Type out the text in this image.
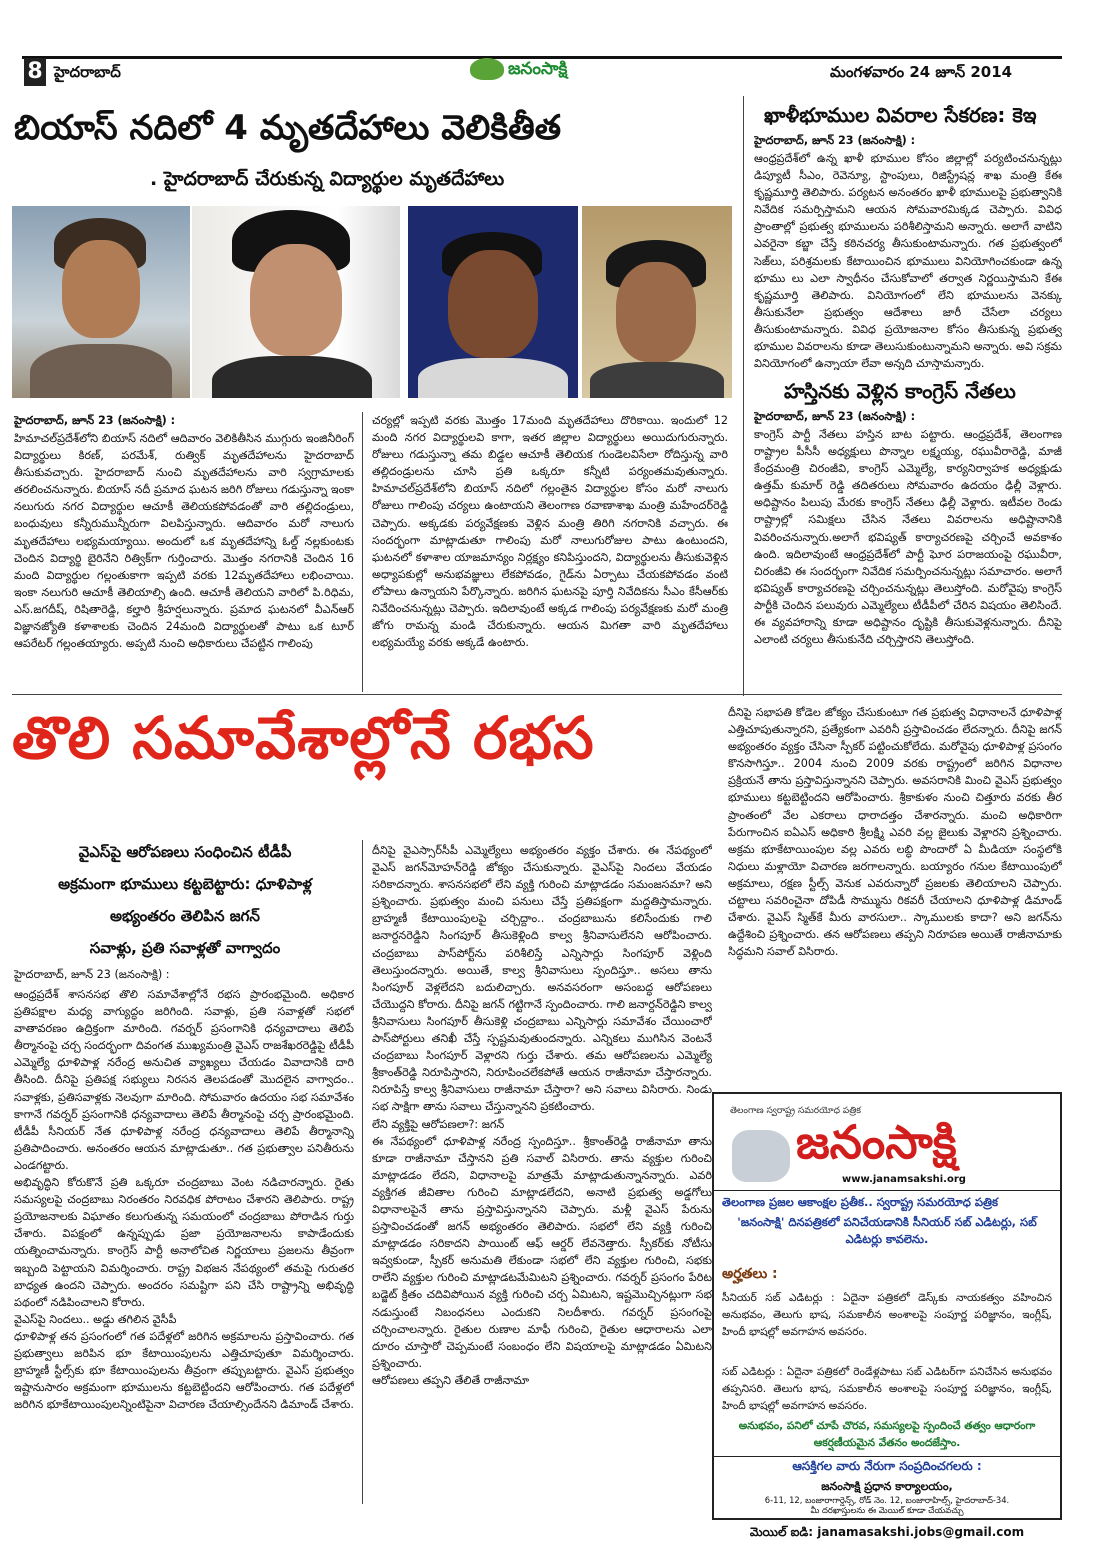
8 హైదరాబాద్	జనంసాక్షి	మంగళవారం 24 జూన్ 2014
బియాస్ నదిలో 4 మృతదేహాలు వెలికితీత
. హైదరాబాద్ చేరుకున్న విద్యార్థుల మృతదేహాలు
హైదరాబాద్, జూన్ 23 (జనంసాక్షి) :
హిమాచల్‌ప్రదేశ్‌లోని బియాస్ నదిలో ఆదివారం వెలికితీసిన ముగ్గురు ఇంజినీరింగ్ విద్యార్థులు కిరణ్, పరమేశ్, రుత్విక్ మృతదేహాలను హైదరాబాద్ తీసుకువచ్చారు. హైదరాబాద్ నుంచి మృతదేహాలను వారి స్వగ్రామాలకు తరలించనున్నారు. బియాస్ నదీ ప్రమాద ఘటన జరిగి రోజులు గడుస్తున్నా ఇంకా నలుగురు నగర విద్యార్థుల ఆచూకీ తెలియకపోవడంతో వారి తల్లిదండ్రులు, బంధువులు కన్నీరుమున్నీరుగా విలపిస్తున్నారు. ఆదివారం మరో నాలుగు మృతదేహాలు లభ్యమయ్యాయి. అందులో ఒక మృతదేహాన్ని ఓల్డ్ నల్లకుంటకు చెందిన విద్యార్థి బైరినేని రిత్విక్‌గా గుర్తించారు. మొత్తం నగరానికి చెందిన 16 మంది విద్యార్థుల గల్లంతుకాగా ఇప్పటి వరకు 12మృతదేహాలు లభించాయి. ఇంకా నలుగురి ఆచూకీ తెలియాల్సి ఉంది. ఆచూకీ తెలియని వారిలో పి.రిధిమ, ఎస్.జగదీష్, రిషితారెడ్డి, కల్హారి శ్రీహర్షలున్నారు. ప్రమాద ఘటనలో వీఎన్ఆర్ విజ్ఞానజ్యోతి కళాశాలకు చెందిన 24మంది విద్యార్థులతో పాటు ఒక టూర్ ఆపరేటర్ గల్లంతయ్యారు. అప్పటి నుంచి అధికారులు చేపట్టిన గాలింపు
చర్యల్లో ఇప్పటి వరకు మొత్తం 17మంది మృతదేహాలు దొరికాయి. ఇందులో 12 మంది నగర విద్యార్థులవి కాగా, ఇతర జిల్లాల విద్యార్థులు అయిదుగురున్నారు. రోజులు గడుస్తున్నా తమ బిడ్డల ఆచూకీ తెలియక గుండెలవిసేలా రోదిస్తున్న వారి తల్లిదండ్రులను చూసి ప్రతి ఒక్కరూ కన్నీటి పర్యంతమవుతున్నారు. హిమాచల్‌ప్రదేశ్‌లోని బియాస్ నదిలో గల్లంతైన విద్యార్థుల కోసం మరో నాలుగు రోజులు గాలింపు చర్యలు ఉంటాయని తెలంగాణ రవాణాశాఖ మంత్రి మహేందర్‌రెడ్డి చెప్పారు. అక్కడకు పర్యవేక్షణకు వెళ్లిన మంత్రి తిరిగి నగరానికి వచ్చారు. ఈ సందర్భంగా మాట్లాడుతూ గాలింపు మరో నాలుగురోజుల పాటు ఉంటుందని, ఘటనలో కళాశాల యాజమాన్యం నిర్లక్ష్యం కనిపిస్తుందని, విద్యార్థులను తీసుకువెళ్లిన అధ్యాపకుల్లో అనుభవజ్ఞులు లేకపోవడం, గైడ్‌ను ఏర్పాటు చేయకపోవడం వంటి లోపాలు ఉన్నాయని పేర్కొన్నారు. జరిగిన ఘటనపై పూర్తి నివేదికను సీఎం కేసీఆర్‌కు నివేదించనున్నట్లు చెప్పారు. ఇదిలావుంటే అక్కడ గాలింపు పర్యవేక్షణకు మరో మంత్రి జోగు రామన్న మండి చేరుకున్నారు. ఆయన మిగతా వారి మృతదేహాలు లభ్యమయ్యే వరకు అక్కడే ఉంటారు.
ఖాళీభూముల వివరాల సేకరణ: కెఇ
హైదరాబాద్, జూన్ 23 (జనంసాక్షి) :
ఆంధ్రప్రదేశ్‌లో ఉన్న ఖాళీ భూముల కోసం జిల్లాల్లో పర్యటించనున్నట్లు డిప్యూటీ సీఎం, రెవెన్యూ, స్టాంపులు, రిజిస్ట్రేషన్ల శాఖ మంత్రి కేఈ కృష్ణమూర్తి తెలిపారు. పర్యటన అనంతరం ఖాళీ భూములపై ప్రభుత్వానికి నివేదిక సమర్పిస్తామని ఆయన సోమవారమిక్కడ చెప్పారు. వివిధ ప్రాంతాల్లో ప్రభుత్వ భూములను పరిశీలిస్తామని అన్నారు. అలాగే వాటిని ఎవరైనా కబ్జా చేస్తే కఠినచర్య తీసుకుంటామన్నారు. గత ప్రభుత్వంలో సెజ్‌లు, పరిశ్రమలకు కేటాయించిన భూములు వినియోగించకుండా ఉన్న భూము లు ఎలా స్వాధీనం చేసుకోవాలో తర్వాత నిర్ణయిస్తామని కేఈ కృష్ణమూర్తి తెలిపారు. వినియోగంలో లేని భూములను వెనక్కు తీసుకునేలా ప్రభుత్వం ఆదేశాలు జారీ చేసేలా చర్యలు తీసుకుంటామన్నారు. వివిధ ప్రయోజనాల కోసం తీసుకున్న ప్రభుత్వ భూముల వివరాలను కూడా తెలుసుకుంటున్నామని అన్నారు. అవి సక్రమ వినియోగంలో ఉన్నాయా లేవా అన్నది చూస్తామన్నారు.
హస్తినకు వెళ్లిన కాంగ్రెస్ నేతలు
హైదరాబాద్, జూన్ 23 (జనంసాక్షి) :
కాంగ్రెస్ పార్టీ నేతలు హస్తిన బాట పట్టారు. ఆంధ్రప్రదేశ్, తెలంగాణ రాష్ట్రాల పీసీసీ అధ్యక్షులు పొన్నాల లక్ష్మయ్య, రఘువీరారెడ్డి, మాజీ కేంద్రమంత్రి చిరంజీవి, కాంగ్రెస్ ఎమ్మెల్యే, కార్యనిర్వాహక అధ్యక్షుడు ఉత్తమ్ కుమార్ రెడ్డి తదితరులు సోమవారం ఉదయం ఢిల్లీ వెళ్లారు. అధిష్టానం పిలుపు మేరకు కాంగ్రెస్ నేతలు ఢిల్లీ వెళ్లారు. ఇటీవల రెండు రాష్ట్రాల్లో సమిక్షలు చేసిన నేతలు వివరాలను అధిష్టానానికి వివరించనున్నారు.అలాగే భవిష్యత్ కార్యాచరణపై చర్చించే అవకాశం ఉంది. ఇదిలావుంటే ఆంధ్రప్రదేశ్‌లో పార్టీ ఘోర పరాజయంపై రఘువీరా, చిరంజీవి ఈ సందర్భంగా నివేదిక సమర్పించనున్నట్లు సమాచారం. అలాగే భవిష్యత్ కార్యాచరణపై చర్చించనున్నట్లు తెలుస్తోంది. మరోవైపు కాంగ్రెస్ పార్టీకి చెందిన పలువురు ఎమ్మెల్యేలు టీడీపీలో చేరిన విషయం తెలిసిందే. ఈ వ్యవహారాన్ని కూడా అధిష్టానం దృష్టికి తీసుకువెళ్లనున్నారు. దీనిపై ఎలాంటి చర్యలు తీసుకునేది చర్చిస్తారని తెలుస్తోంది.
తొలి సమావేశాల్లోనే రభస
వైఎస్‌పై ఆరోపణలు సంధించిన టీడీపీ
అక్రమంగా భూములు కట్టబెట్టారు: ధూళిపాళ్ల
అభ్యంతరం తెలిపిన జగన్
సవాళ్లు, ప్రతి సవాళ్లతో వాగ్వాదం
హైదరాబాద్, జూన్ 23 (జనంసాక్షి) :
ఆంధ్రప్రదేశ్ శాసనసభ తొలి సమావేశాల్లోనే రభస ప్రారంభమైంది. అధికార ప్రతిపక్షాల మధ్య వాగ్యుద్ధం జరిగింది. సవాళ్లు, ప్రతి సవాళ్లతో సభలో వాతావరణం ఉద్రిక్తంగా మారింది. గవర్నర్ ప్రసంగానికి ధన్యవాదాలు తెలిపే తీర్మానంపై చర్చ సందర్భంగా దివంగత ముఖ్యమంత్రి వైఎస్ రాజశేఖరరెడ్డిపై టీడీపీ ఎమ్మెల్యే ధూళిపాళ్ల నరేంద్ర అనుచిత వ్యాఖ్యలు చేయడం వివాదానికి దారి తీసింది. దీనిపై ప్రతిపక్ష సభ్యులు నిరసన తెలపడంతో మొదలైన వాగ్వాదం.. సవాళ్లకు, ప్రతిసవాళ్లకు నెలవుగా మారింది. సోమవారం ఉదయం సభ సమావేశం కాగానే గవర్నర్ ప్రసంగానికి ధన్యవాదాలు తెలిపే తీర్మానంపై చర్చ ప్రారంభమైంది. టీడీపీ సీనియర్ నేత ధూళిపాళ్ల నరేంద్ర ధన్యవాదాలు తెలిపే తీర్మానాన్ని ప్రతిపాదించారు. అనంతరం ఆయన మాట్లాడుతూ.. గత ప్రభుత్వాల పనితీరును ఎండగట్టారు.
అభివృద్ధిని కోరుకొనే ప్రతి ఒక్కరూ చంద్రబాబు వెంట నడిచారన్నారు. రైతు సమస్యలపై చంద్రబాబు నిరంతరం నిరవధిక పోరాటం చేశారని తెలిపారు. రాష్ట్ర ప్రయోజనాలకు విఘాతం కలుగుతున్న సమయంలో చంద్రబాబు పోరాడిన గుర్తు చేశారు. విపక్షంలో ఉన్నప్పుడు ప్రజా ప్రయోజనాలను కాపాడేందుకు యత్నించామన్నారు. కాంగ్రెస్ పార్టీ అనాలోచిత నిర్ణయాలు ప్రజలను తీవ్రంగా ఇబ్బంది పెట్టాయని విమర్శించారు. రాష్ట్ర విభజన నేపథ్యంలో తమపై గురుతర బాధ్యత ఉందని చెప్పారు. అందరం సమష్టిగా పని చేసి రాష్ట్రాన్ని అభివృద్ధి పథంలో నడిపించాలని కోరారు.
వైఎస్‌పై నిందలు.. అడ్డు తగిలిన వైసీపీ
ధూళిపాళ్ల తన ప్రసంగంలో గత పదేళ్లలో జరిగిన అక్రమాలను ప్రస్తావించారు. గత ప్రభుత్వాలు జరిపిన భూ కేటాయింపులను ఎత్తిచూపుతూ విమర్శించారు. బ్రాహ్మణీ స్టీల్స్‌కు భూ కేటాయింపులను తీవ్రంగా తప్పుబట్టారు. వైఎస్ ప్రభుత్వం ఇష్టానుసారం అక్రమంగా భూములను కట్టబెట్టిందని ఆరోపించారు. గత పదేళ్లలో జరిగిన భూకేటాయింపులన్నింటిపైనా విచారణ చేయాల్సిందేనని డిమాండ్ చేశారు.
దీనిపై వైఎస్సార్‌సీపీ ఎమ్మెల్యేలు అభ్యంతరం వ్యక్తం చేశారు. ఈ నేపథ్యంలో వైఎస్ జగన్‌మోహన్‌రెడ్డి జోక్యం చేసుకున్నారు. వైఎస్‌పై నిందలు వేయడం సరికాదన్నారు. శాసనసభలో లేని వ్యక్తి గురించి మాట్లాడడం సమంజసమా? అని ప్రశ్నించారు. ప్రభుత్వం మంచి పనులు చేస్తే ప్రతిపక్షంగా మద్దతిస్తామన్నారు. బ్రాహ్మణీ కేటాయింపులపై చర్చిద్దాం.. చంద్రబాబును కలిసేందుకు గాలి జనార్దనరెడ్డిని సింగపూర్ తీసుకెళ్లింది కాల్వ శ్రీనివాసులేనని ఆరోపించారు. చంద్రబాబు పాస్‌పోర్ట్‌ను పరిశీలిస్తే ఎన్నిసార్లు సింగపూర్ వెళ్లింది తెలుస్తుందన్నారు. అయితే, కాల్వ శ్రీనివాసులు స్పందిస్తూ.. అసలు తాను సింగపూర్ వెళ్లలేదని బదులిచ్చారు. అనవసరంగా అసంబద్ధ ఆరోపణలు చేయొద్దని కోరారు. దీనిపై జగన్ గట్టిగానే స్పందించారు. గాలి జనార్దన్‌రెడ్డిని కాల్వ శ్రీనివాసులు సింగపూర్ తీసుకెళ్లి చంద్రబాబు ఎన్నిసార్లు సమావేశం చేయించారో పాస్‌పోర్టులు తనిఖీ చేస్తే స్పష్టమవుతుందన్నారు. ఎన్నికలు ముగిసిన వెంటనే చంద్రబాబు సింగపూర్ వెళ్లారని గుర్తు చేశారు. తమ ఆరోపణలను ఎమ్మెల్యే శ్రీకాంత్‌రెడ్డి నిరూపిస్తారని, నిరూపించలేకపోతే ఆయన రాజీనామా చేస్తారన్నారు. నిరూపిస్తే కాల్వ శ్రీనివాసులు రాజీనామా చేస్తారా? అని సవాలు విసిరారు. నిండు సభ సాక్షిగా తాను సవాలు చేస్తున్నానని ప్రకటించారు.
లేని వ్యక్తిపై ఆరోపణలా?: జగన్
ఈ నేపథ్యంలో ధూళిపాళ్ల నరేంద్ర స్పందిస్తూ.. శ్రీకాంత్‌రెడ్డి రాజీనామా తాను కూడా రాజీనామా చేస్తానని ప్రతి సవాల్ విసిరారు. తాను వ్యక్తుల గురించి మాట్లాడడం లేదని, విధానాలపై మాత్రమే మాట్లాడుతున్నానన్నారు. ఎవరి వ్యక్తిగత జీవితాల గురించి మాట్లాడలేదని, అనాటి ప్రభుత్వ అడ్డగోలు విధానాలపైనే తాను ప్రస్తావిస్తున్నానని చెప్పారు. మళ్లీ వైఎస్ పేరును ప్రస్తావించడంతో జగన్ అభ్యంతరం తెలిపారు. సభలో లేని వ్యక్తి గురించి మాట్లాడడం సరికాదని పాయింట్ ఆఫ్ ఆర్డర్ లేవనెత్తారు. స్పీకర్‌కు నోటీసు ఇవ్వకుండా, స్పీకర్ అనుమతి లేకుండా సభలో లేని వ్యక్తుల గురించి, సభకు రాలేని వ్యక్తుల గురించి మాట్లాడటమేమిటని ప్రశ్నించారు. గవర్నర్ ప్రసంగం పేరిట బడ్జెట్ క్రితం చదివిపోయిన వ్యక్తి గురించి చర్చ ఏమిటని, ఇష్టమొచ్చినట్లుగా సభ నడుస్తుంటే నిబంధనలు ఎందుకని నిలదీశారు. గవర్నర్ ప్రసంగంపై చర్చించాలన్నారు. రైతుల రుణాల మాఫీ గురించి, రైతుల ఆధారాలను ఎలా దూరం చూస్తారో చెప్పమంటే సంబంధం లేని విషయాలపై మాట్లాడడం ఏమిటని ప్రశ్నించారు.
ఆరోపణలు తప్పని తేలితే రాజీనామా
దీనిపై సభాపతి కోడెల జోక్యం చేసుకుంటూ గత ప్రభుత్వ విధానాలనే ధూళిపాళ్ల ఎత్తిచూపుతున్నారని, ప్రత్యేకంగా ఎవరినీ ప్రస్తావించడం లేదన్నారు. దీనిపై జగన్ అభ్యంతరం వ్యక్తం చేసినా స్పీకర్ పట్టించుకోలేదు. మరోవైపు ధూళిపాళ్ల ప్రసంగం కొనసాగిస్తూ.. 2004 నుంచి 2009 వరకు రాష్ట్రంలో జరిగిన విధానాల ప్రక్రియనే తాను ప్రస్తావిస్తున్నానని చెప్పారు. అవసరానికి మించి వైఎస్ ప్రభుత్వం భూములు కట్టబెట్టిందని ఆరోపించారు. శ్రీకాకుళం నుంచి చిత్తూరు వరకు తీర ప్రాంతంలో వేల ఎకరాలు ధారాదత్తం చేశారన్నారు. మంచి అధికారిగా పేరుగాంచిన ఐఏఎస్ అధికారి శ్రీలక్ష్మి ఎవరి వల్ల జైలుకు వెళ్లారని ప్రశ్నించారు. అక్రమ భూకేటాయింపుల వల్ల ఎవరు లబ్ధి పొందారో ఏ మీడియా సంస్థలోకి నిధులు మళ్లాయో విచారణ జరగాలన్నారు. బయ్యారం గనుల కేటాయింపులో అక్రమాలు, రక్షణ స్టీల్స్ వెనుక ఎవరున్నారో ప్రజలకు తెలియాలని చెప్పారు. చట్టాలు సవరించైనా దోపిడీ సొమ్మును రికవరీ చేయాలని ధూళిపాళ్ల డిమాండ్ చేశారు. వైఎస్ స్మిత్‌కే మీరు వారసులా.. స్కాములకు కాదా? అని జగన్‌ను ఉద్దేశించి ప్రశ్నించారు. తన ఆరోపణలు తప్పని నిరూపణ అయితే రాజీనామాకు సిద్ధమని సవాల్ విసిరారు.
తెలంగాణ స్వరాష్ట్ర సమరయోధ పత్రిక
జనంసాక్షి
www.janamsakshi.org
తెలంగాణ ప్రజల ఆకాంక్షల ప్రతీక.. స్వరాష్ట్ర సమరయోధ పత్రిక
'జనంసాక్షి' దినపత్రికలో పనిచేయడానికి సీనియర్ సబ్ ఎడిటర్లు, సబ్ ఎడిటర్లు కావలెను.
అర్హతలు :
సీనియర్ సబ్ ఎడిటర్లు : ఏదైనా పత్రికలో డెస్క్‌కు నాయకత్వం వహించిన అనుభవం, తెలుగు భాష, సమకాలీన అంశాలపై సంపూర్ణ పరిజ్ఞానం, ఇంగ్లీష్, హిందీ భాషల్లో అవగాహన అవసరం.
సబ్ ఎడిటర్లు : ఏదైనా పత్రికలో రెండేళ్లపాటు సబ్ ఎడిటర్‌గా పనిచేసిన అనుభవం తప్పనిసరి. తెలుగు భాష, సమకాలీన అంశాలపై సంపూర్ణ పరిజ్ఞానం, ఇంగ్లీష్, హిందీ భాషల్లో అవగాహన అవసరం.
అనుభవం, పనిలో చూపే చొరవ, సమస్యలపై స్పందించే తత్వం ఆధారంగా ఆకర్షణీయమైన వేతనం అందజేస్తాం.
ఆసక్తిగల వారు నేరుగా సంప్రదించగలరు :
జనంసాక్షి ప్రధాన కార్యాలయం,
6-11, 12, బంజారాగార్డెన్స్, రోడ్ నెం. 12, బంజారాహిల్స్, హైదరాబాద్-34.
మీ దరఖాస్తులను ఈ మెయిల్ కూడా చేయవచ్చు
మెయిల్ ఐడి: janamasakshi.jobs@gmail.com
